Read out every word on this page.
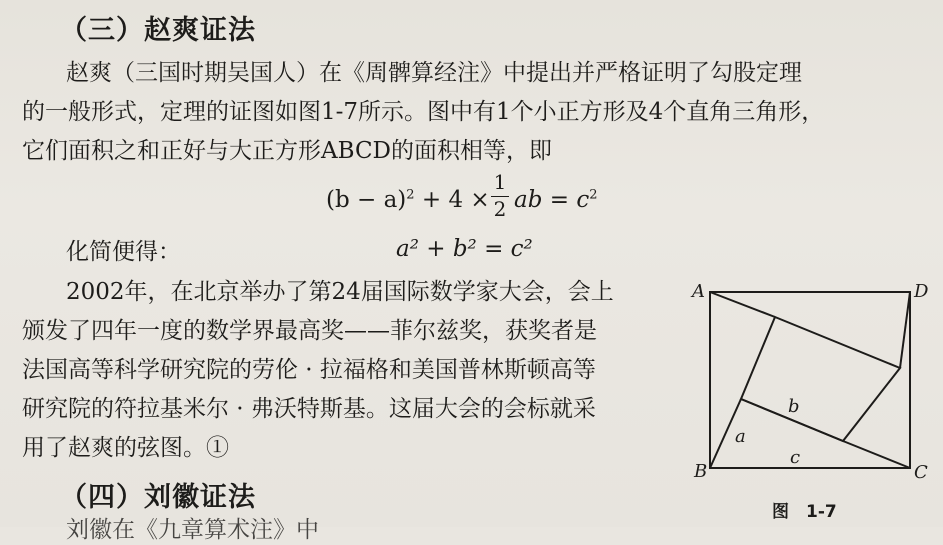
（三）赵爽证法
赵爽（三国时期吴国人）在《周髀算经注》中提出并严格证明了勾股定理
的一般形式，定理的证图如图1-7所示。图中有1个小正方形及4个直角三角形，
它们面积之和正好与大正方形ABCD的面积相等，即
$(b - a)^2 + 4$ ×
1
2 ab = $c^2$
化简便得：	a² + b² = c²
2002年，在北京举办了第24届国际数学家大会，会上
颁发了四年一度的数学界最高奖——菲尔兹奖，获奖者是
法国高等科学研究院的劳伦 · 拉福格和美国普林斯顿高等
研究院的符拉基米尔 · 弗沃特斯基。这届大会的会标就采
用了赵爽的弦图。①
A	D
B	C
a
b
c
图　1-7
（四）刘徽证法
刘徽在《九章算术注》中
